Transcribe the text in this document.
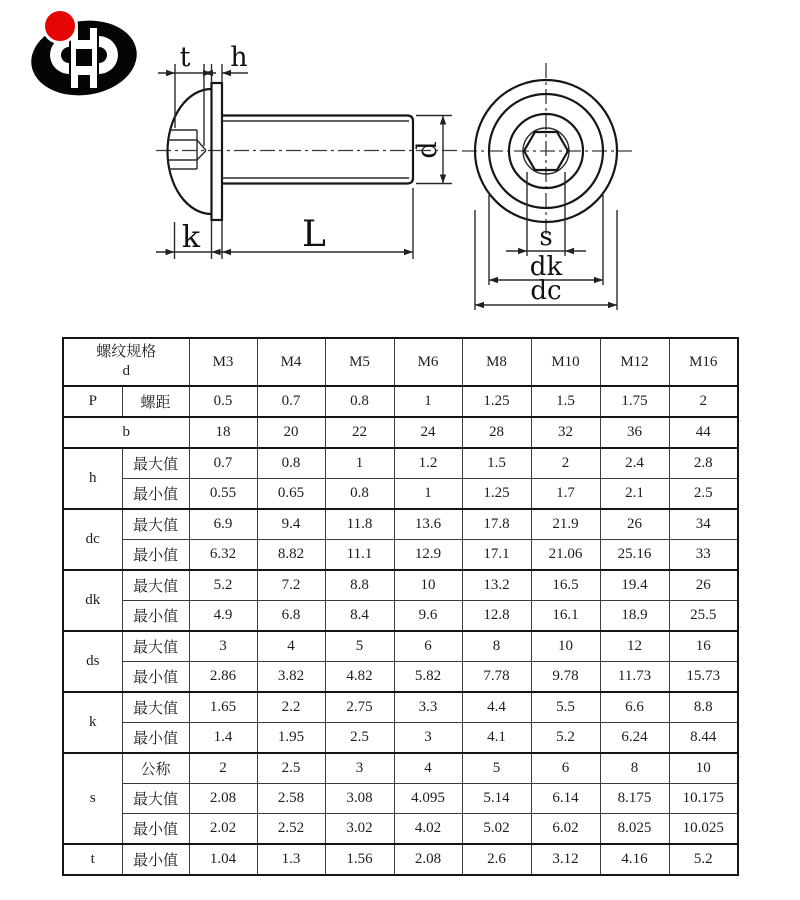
t h
k	L
d
s
dk
dc
螺纹规格
d		M3	M4	M5	M6	M8	M10	M12	M16
P	螺距	0.5	0.7	0.8	1	1.25	1.5	1.75	2
b		18	20	22	24	28	32	36	44
h	最大值	0.7	0.8	1	1.2	1.5	2	2.4	2.8
	最小值	0.55	0.65	0.8	1	1.25	1.7	2.1	2.5
dc	最大值	6.9	9.4	11.8	13.6	17.8	21.9	26	34
	最小值	6.32	8.82	11.1	12.9	17.1	21.06	25.16	33
dk	最大值	5.2	7.2	8.8	10	13.2	16.5	19.4	26
	最小值	4.9	6.8	8.4	9.6	12.8	16.1	18.9	25.5
ds	最大值	3	4	5	6	8	10	12	16
	最小值	2.86	3.82	4.82	5.82	7.78	9.78	11.73	15.73
k	最大值	1.65	2.2	2.75	3.3	4.4	5.5	6.6	8.8
	最小值	1.4	1.95	2.5	3	4.1	5.2	6.24	8.44
s	公称	2	2.5	3	4	5	6	8	10
	最大值	2.08	2.58	3.08	4.095	5.14	6.14	8.175	10.175
	最小值	2.02	2.52	3.02	4.02	5.02	6.02	8.025	10.025
t	最小值	1.04	1.3	1.56	2.08	2.6	3.12	4.16	5.2
